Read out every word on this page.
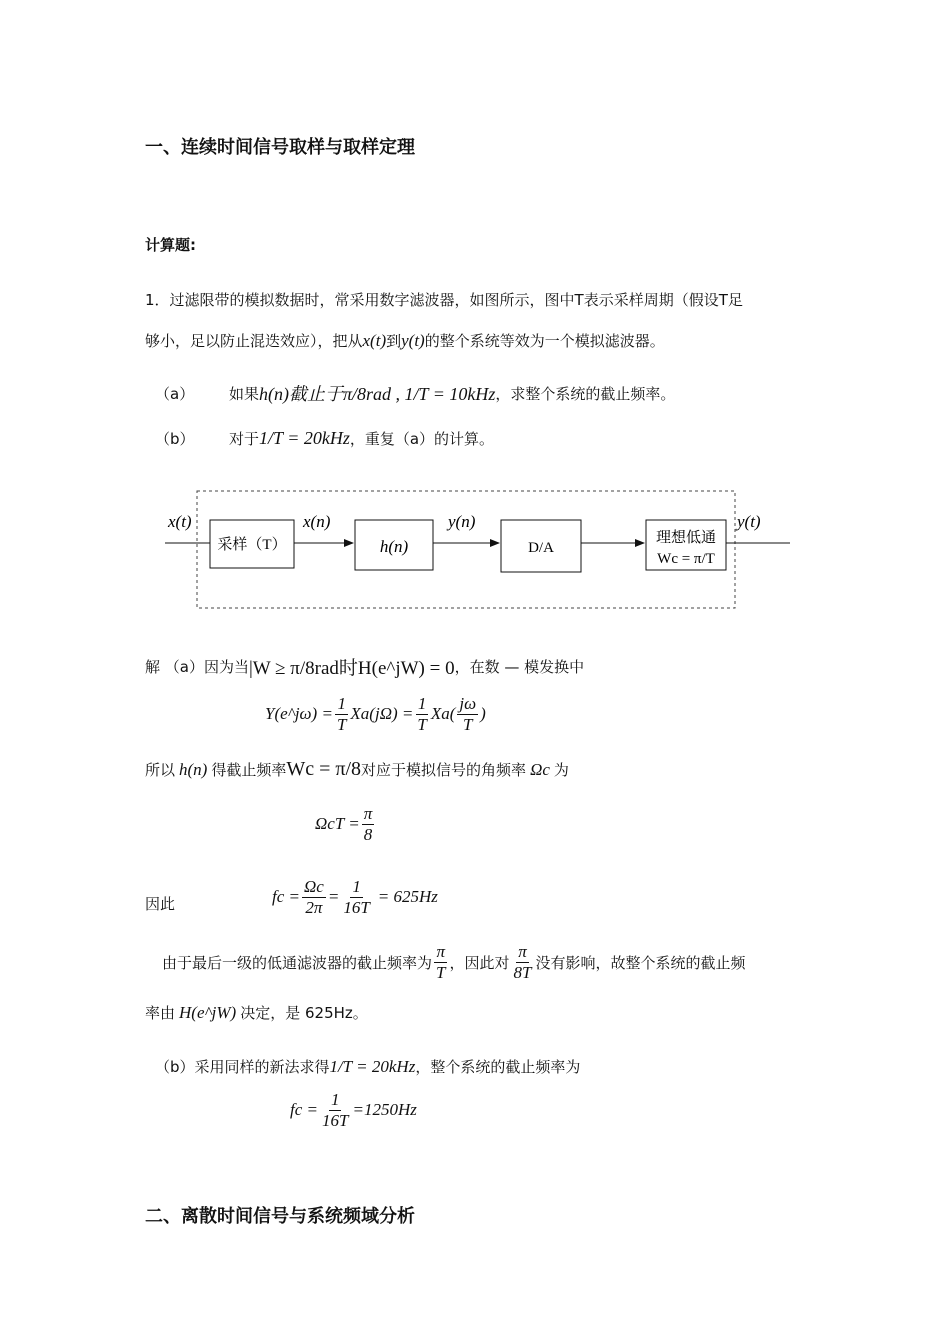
一、连续时间信号取样与取样定理
计算题:
1．过滤限带的模拟数据时，常采用数字滤波器，如图所示，图中T表示采样周期（假设T足
够小，足以防止混迭效应），把从 x(t) 到 y(t) 的整个系统等效为一个模拟滤波器。
（a）	如果 h(n)截止于π/8rad , 1/T = 10kHz ，求整个系统的截止频率。
（b）	对于 1/T = 20kHz ，重复（a）的计算。
x(t)
采样（T）
x(n)
h(n)
y(n)
D/A
理想低通
Wc = π/T
y(t)
解 （a）因为当 |W ≥ π/8rad时H(e^jW) = 0 ，在数 — 模发换中
Y(e^jω) = $\frac{1}{T} Xa(j\Omega) = \frac{1}{T} Xa( \frac{j\omega}{T}$ )
所以 h(n) 得截止频率 Wc = π/8 对应于模拟信号的角频率 Ωc 为
$\Omega cT = \frac{\pi}{8}$
因此	fc = $\frac{\Omega c}{2\pi} = \frac{1}{16T} = 625Hz$
由于最后一级的低通滤波器的截止频率为 $\frac{\pi}{T}$ ，因此对 $\frac{\pi}{8T}$ 没有影响，故整个系统的截止频
率由 H(e^jW) 决定，是 625Hz。
（b）采用同样的新法求得 1/T = 20kHz ，整个系统的截止频率为
fc = $\frac{1}{16T} =1250Hz$
二、离散时间信号与系统频域分析
